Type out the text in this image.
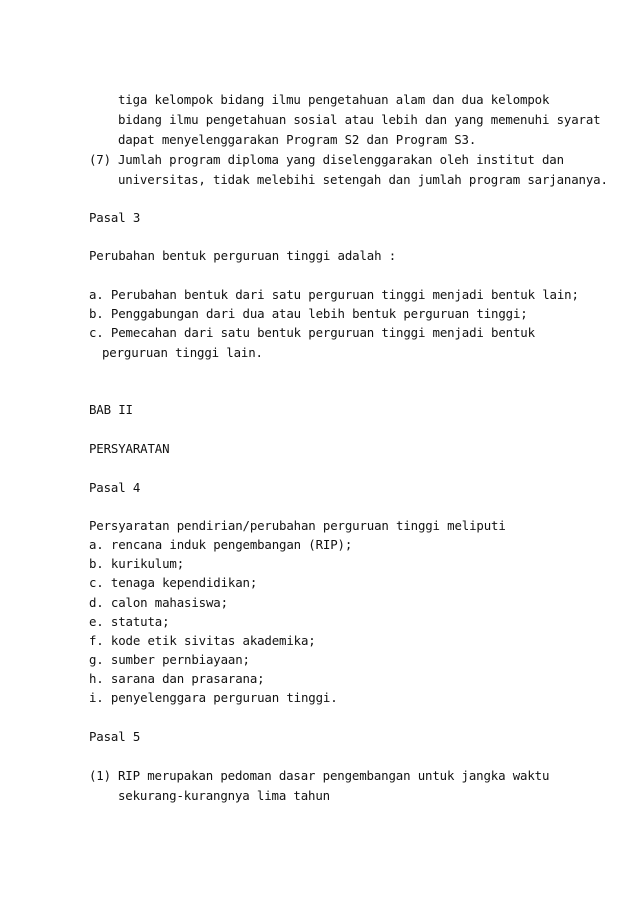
tiga kelompok bidang ilmu pengetahuan alam dan dua kelompok
bidang ilmu pengetahuan sosial atau lebih dan yang memenuhi syarat
dapat menyelenggarakan Program S2 dan Program S3.
(7) Jumlah program diploma yang diselenggarakan oleh institut dan
universitas, tidak melebihi setengah dan jumlah program sarjananya.
Pasal 3
Perubahan bentuk perguruan tinggi adalah :
a. Perubahan bentuk dari satu perguruan tinggi menjadi bentuk lain;
b. Penggabungan dari dua atau lebih bentuk perguruan tinggi;
c. Pemecahan dari satu bentuk perguruan tinggi menjadi bentuk
perguruan tinggi lain.
BAB II
PERSYARATAN
Pasal 4
Persyaratan pendirian/perubahan perguruan tinggi meliputi
a. rencana induk pengembangan (RIP);
b. kurikulum;
c. tenaga kependidikan;
d. calon mahasiswa;
e. statuta;
f. kode etik sivitas akademika;
g. sumber pernbiayaan;
h. sarana dan prasarana;
i. penyelenggara perguruan tinggi.
Pasal 5
(1) RIP merupakan pedoman dasar pengembangan untuk jangka waktu
sekurang-kurangnya lima tahun
